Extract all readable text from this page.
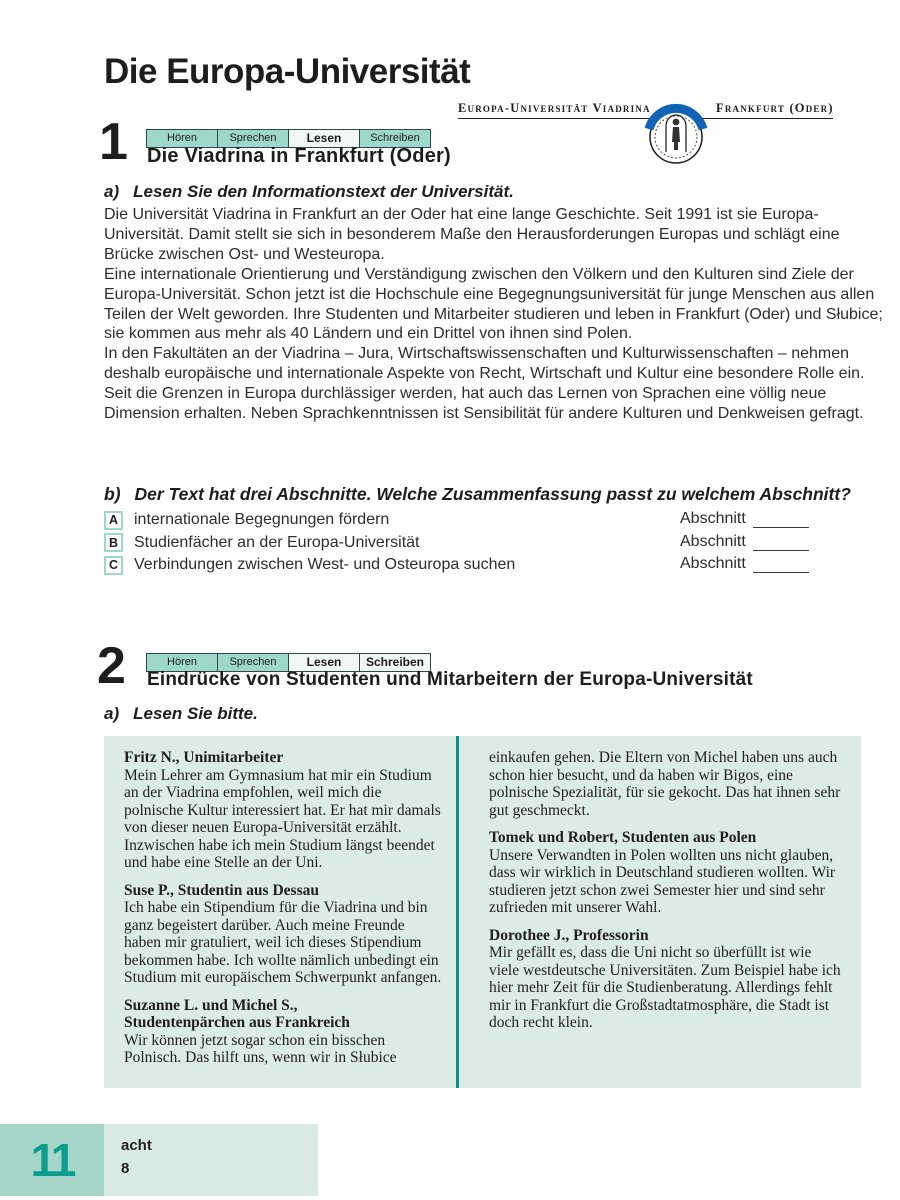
Die Europa-Universität
Europa-Universität Viadrina	Frankfurt (Oder)
1	Hören	Sprechen	Lesen	Schreiben
Die Viadrina in Frankfurt (Oder)
a) Lesen Sie den Informationstext der Universität.

Die Universität Viadrina in Frankfurt an der Oder hat eine lange Geschichte. Seit 1991 ist sie Europa-Universität. Damit stellt sie sich in besonderem Maße den Herausforderungen Europas und schlägt eine Brücke zwischen Ost- und Westeuropa.

Eine internationale Orientierung und Verständigung zwischen den Völkern und den Kulturen sind Ziele der Europa-Universität. Schon jetzt ist die Hochschule eine Begegnungsuniversität für junge Menschen aus allen Teilen der Welt geworden. Ihre Studenten und Mitarbeiter studieren und leben in Frankfurt (Oder) und Słubice; sie kommen aus mehr als 40 Ländern und ein Drittel von ihnen sind Polen.

In den Fakultäten an der Viadrina – Jura, Wirtschaftswissenschaften und Kulturwissenschaften – nehmen deshalb europäische und internationale Aspekte von Recht, Wirtschaft und Kultur eine besondere Rolle ein. Seit die Grenzen in Europa durchlässiger werden, hat auch das Lernen von Sprachen eine völlig neue Dimension erhalten. Neben Sprachkenntnissen ist Sensibilität für andere Kulturen und Denkweisen gefragt.

b) Der Text hat drei Abschnitte. Welche Zusammenfassung passt zu welchem Abschnitt?
A internationale Begegnungen fördern	Abschnitt
B Studienfächer an der Europa-Universität	Abschnitt
C Verbindungen zwischen West- und Osteuropa suchen	Abschnitt
2	Hören	Sprechen	Lesen	Schreiben
Eindrücke von Studenten und Mitarbeitern der Europa-Universität
a) Lesen Sie bitte.

Fritz N., Unimitarbeiter
Mein Lehrer am Gymnasium hat mir ein Studium an der Viadrina empfohlen, weil mich die polnische Kultur interessiert hat. Er hat mir damals von dieser neuen Europa-Universität erzählt. Inzwischen habe ich mein Studium längst beendet und habe eine Stelle an der Uni.

Suse P., Studentin aus Dessau
Ich habe ein Stipendium für die Viadrina und bin ganz begeistert darüber. Auch meine Freunde haben mir gratuliert, weil ich dieses Stipendium bekommen habe. Ich wollte nämlich unbedingt ein Studium mit europäischem Schwerpunkt anfangen.

Suzanne L. und Michel S.,
Studentenpärchen aus Frankreich
Wir können jetzt sogar schon ein bisschen Polnisch. Das hilft uns, wenn wir in Słubice

einkaufen gehen. Die Eltern von Michel haben uns auch schon hier besucht, und da haben wir Bigos, eine polnische Spezialität, für sie gekocht. Das hat ihnen sehr gut geschmeckt.

Tomek und Robert, Studenten aus Polen
Unsere Verwandten in Polen wollten uns nicht glauben, dass wir wirklich in Deutschland studieren wollten. Wir studieren jetzt schon zwei Semester hier und sind sehr zufrieden mit unserer Wahl.

Dorothee J., Professorin
Mir gefällt es, dass die Uni nicht so überfüllt ist wie viele westdeutsche Universitäten. Zum Beispiel habe ich hier mehr Zeit für die Studienberatung. Allerdings fehlt mir in Frankfurt die Großstadtatmosphäre, die Stadt ist doch recht klein.

11	acht
8
